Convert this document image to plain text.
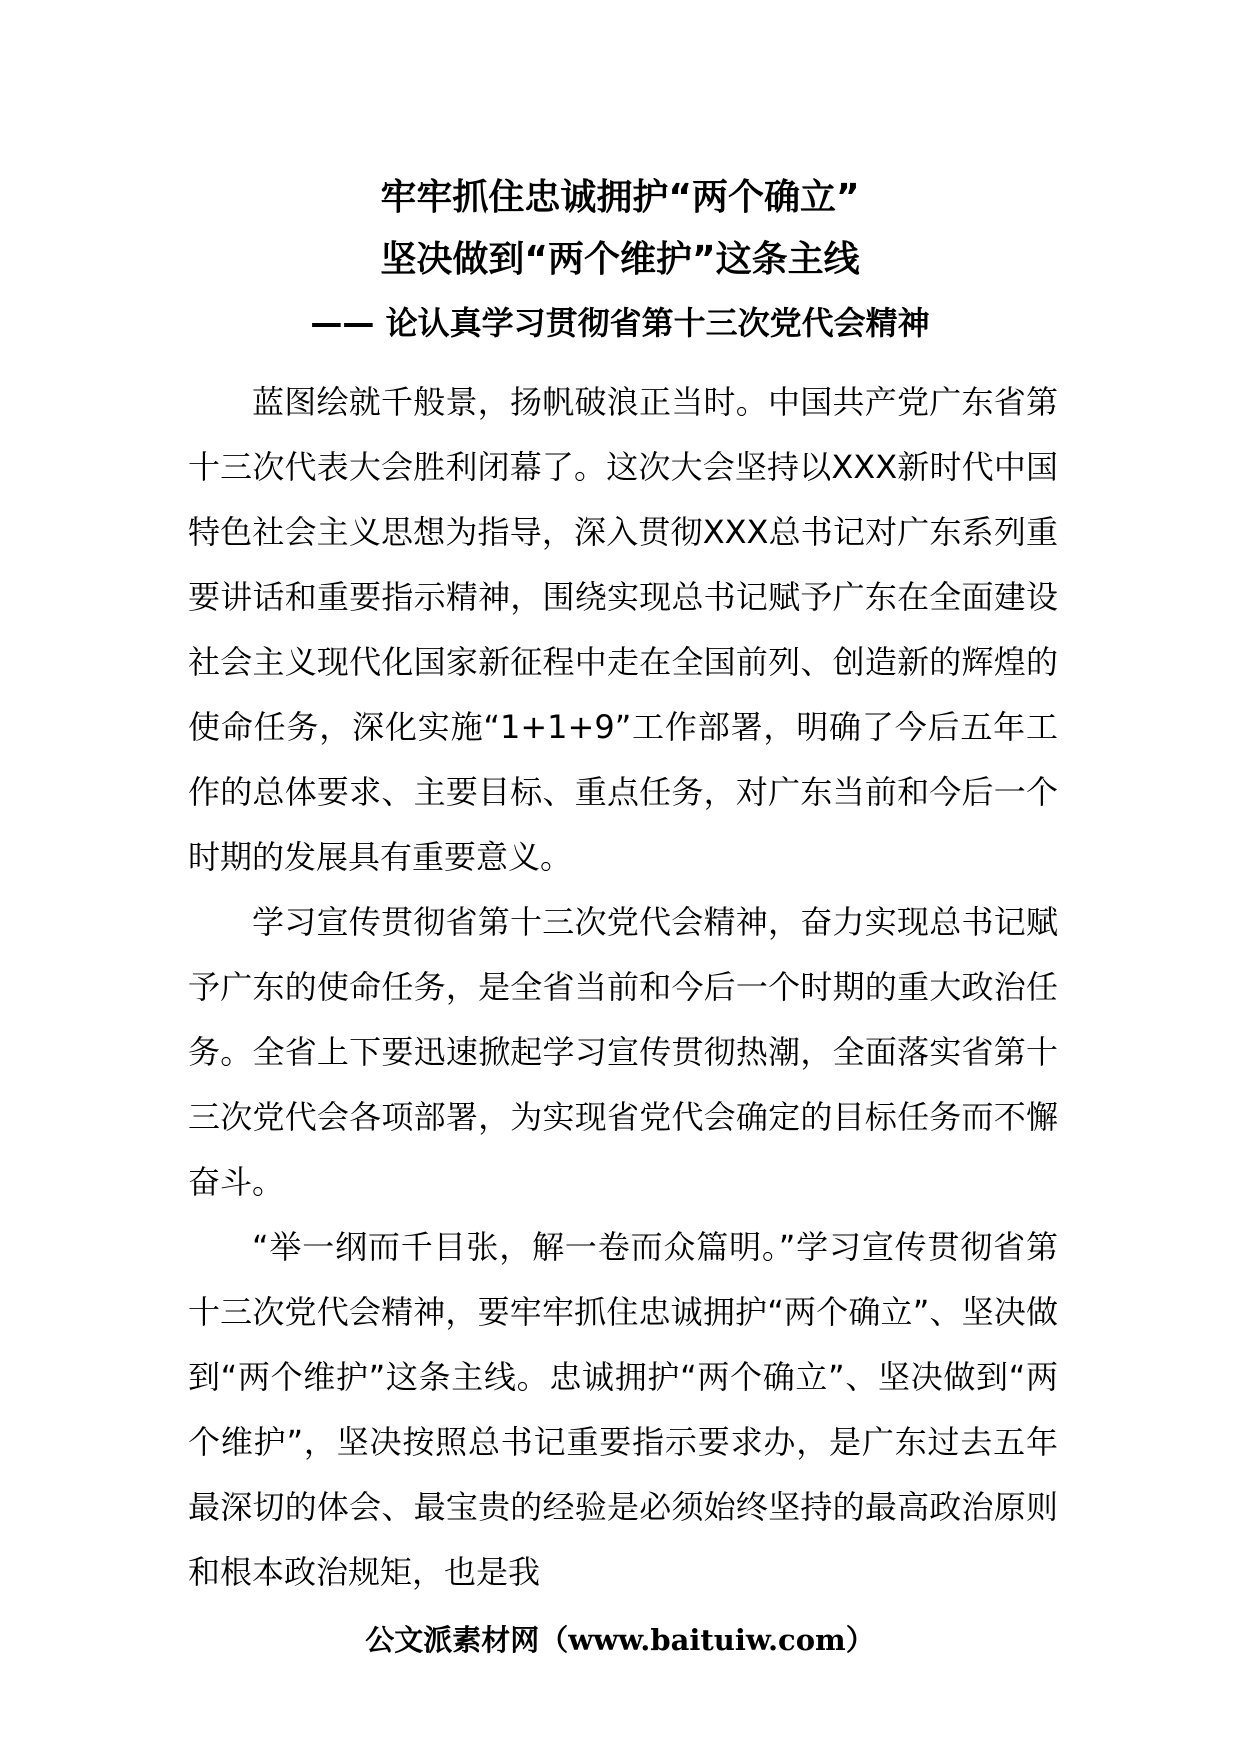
牢牢抓住忠诚拥护“两个确立”
坚决做到“两个维护”这条主线
—— 论认真学习贯彻省第十三次党代会精神

蓝图绘就千般景，扬帆破浪正当时。中国共产党广东省第十三次代表大会胜利闭幕了。这次大会坚持以XXX新时代中国特色社会主义思想为指导，深入贯彻XXX总书记对广东系列重要讲话和重要指示精神，围绕实现总书记赋予广东在全面建设社会主义现代化国家新征程中走在全国前列、创造新的辉煌的使命任务，深化实施“1+1+9”工作部署，明确了今后五年工作的总体要求、主要目标、重点任务，对广东当前和今后一个时期的发展具有重要意义。

学习宣传贯彻省第十三次党代会精神，奋力实现总书记赋予广东的使命任务，是全省当前和今后一个时期的重大政治任务。全省上下要迅速掀起学习宣传贯彻热潮，全面落实省第十三次党代会各项部署，为实现省党代会确定的目标任务而不懈奋斗。

“举一纲而千目张，解一卷而众篇明。”学习宣传贯彻省第十三次党代会精神，要牢牢抓住忠诚拥护“两个确立”、坚决做到“两个维护”这条主线。忠诚拥护“两个确立”、坚决做到“两个维护”，坚决按照总书记重要指示要求办，是广东过去五年最深切的体会、最宝贵的经验是必须始终坚持的最高政治原则和根本政治规矩，也是我

公文派素材网（www.baituiw.com）
